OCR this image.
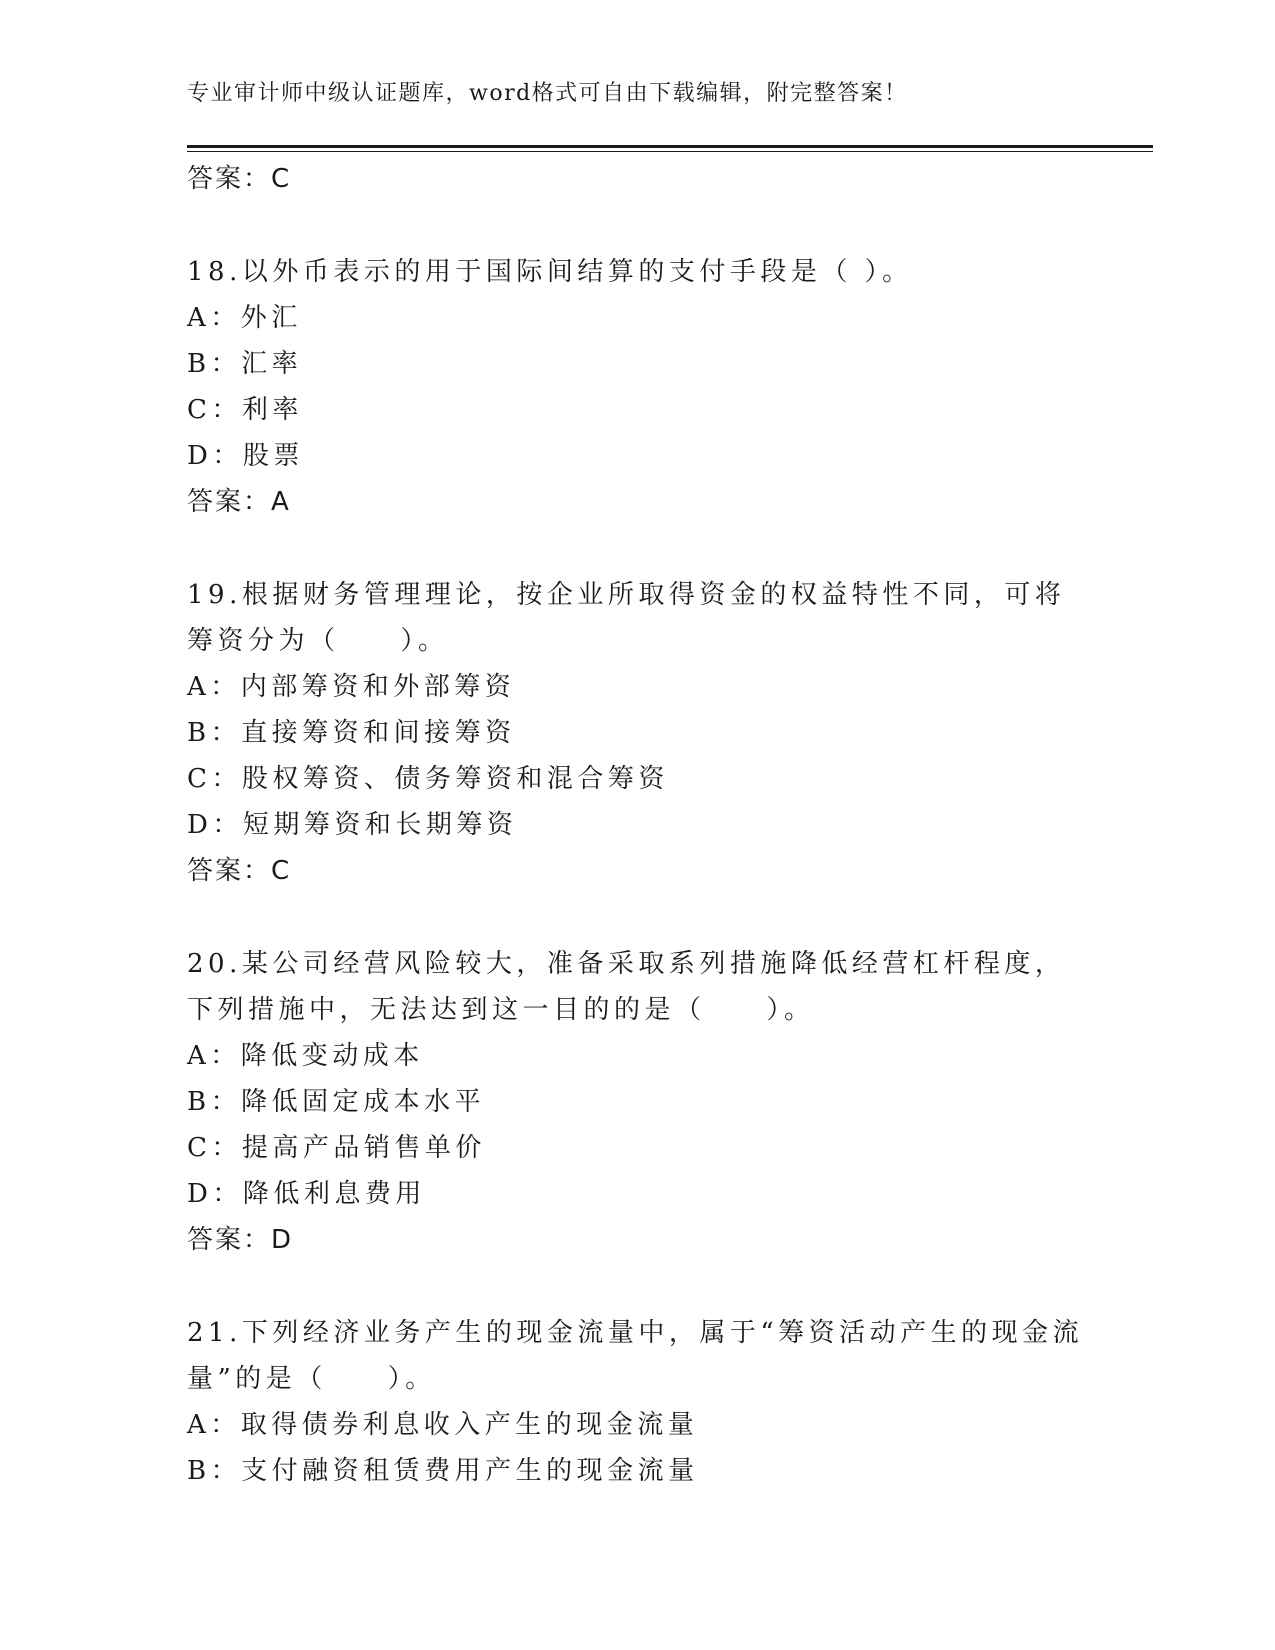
专业审计师中级认证题库，word格式可自由下载编辑，附完整答案！
答案：C
18.以外币表示的用于国际间结算的支付手段是（ ）。
A：外汇
B：汇率
C：利率
D：股票
答案：A
19.根据财务管理理论，按企业所取得资金的权益特性不同，可将筹资分为（　　）。
A：内部筹资和外部筹资
B：直接筹资和间接筹资
C：股权筹资、债务筹资和混合筹资
D：短期筹资和长期筹资
答案：C
20.某公司经营风险较大，准备采取系列措施降低经营杠杆程度，下列措施中，无法达到这一目的的是（　　）。
A：降低变动成本
B：降低固定成本水平
C：提高产品销售单价
D：降低利息费用
答案：D
21.下列经济业务产生的现金流量中，属于“筹资活动产生的现金流量”的是（　　）。
A：取得债券利息收入产生的现金流量
B：支付融资租赁费用产生的现金流量
